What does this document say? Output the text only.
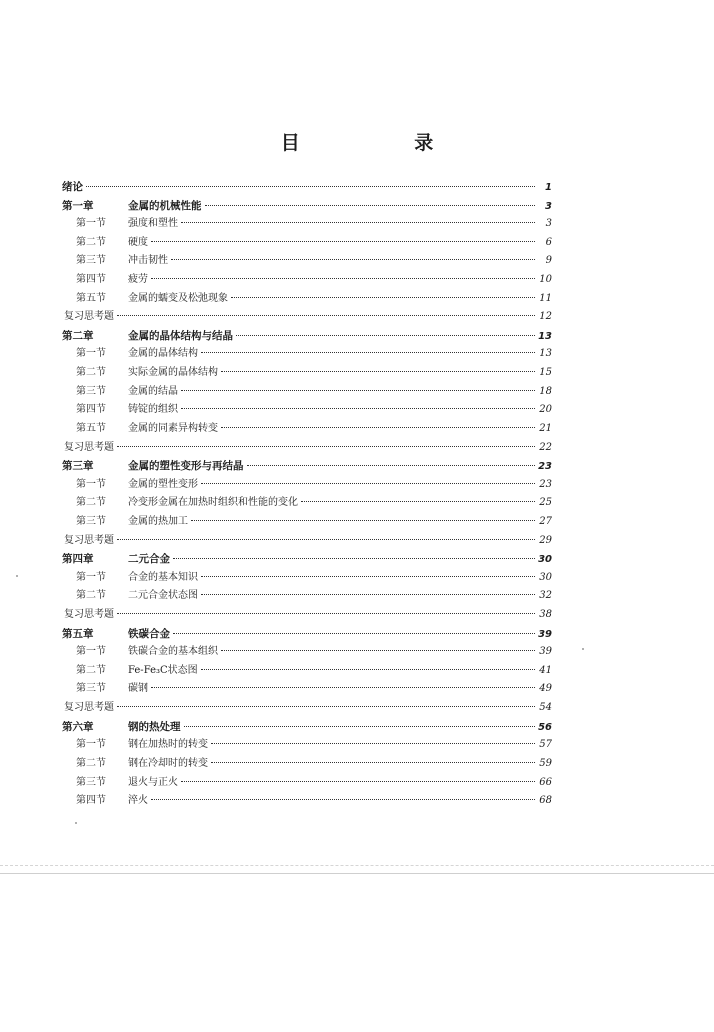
目 录
绪论	1
第一章	金属的机械性能	3
第一节	强度和塑性	3
第二节	硬度	6
第三节	冲击韧性	9
第四节	疲劳	10
第五节	金属的蠕变及松弛现象	11
复习思考题	12
第二章	金属的晶体结构与结晶	13
第一节	金属的晶体结构	13
第二节	实际金属的晶体结构	15
第三节	金属的结晶	18
第四节	铸锭的组织	20
第五节	金属的同素异构转变	21
复习思考题	22
第三章	金属的塑性变形与再结晶	23
第一节	金属的塑性变形	23
第二节	冷变形金属在加热时组织和性能的变化	25
第三节	金属的热加工	27
复习思考题	29
第四章	二元合金	30
第一节	合金的基本知识	30
第二节	二元合金状态图	32
复习思考题	38
第五章	铁碳合金	39
第一节	铁碳合金的基本组织	39
第二节	Fe-Fe₃C状态图	41
第三节	碳钢	49
复习思考题	54
第六章	钢的热处理	56
第一节	钢在加热时的转变	57
第二节	钢在冷却时的转变	59
第三节	退火与正火	66
第四节	淬火	68
